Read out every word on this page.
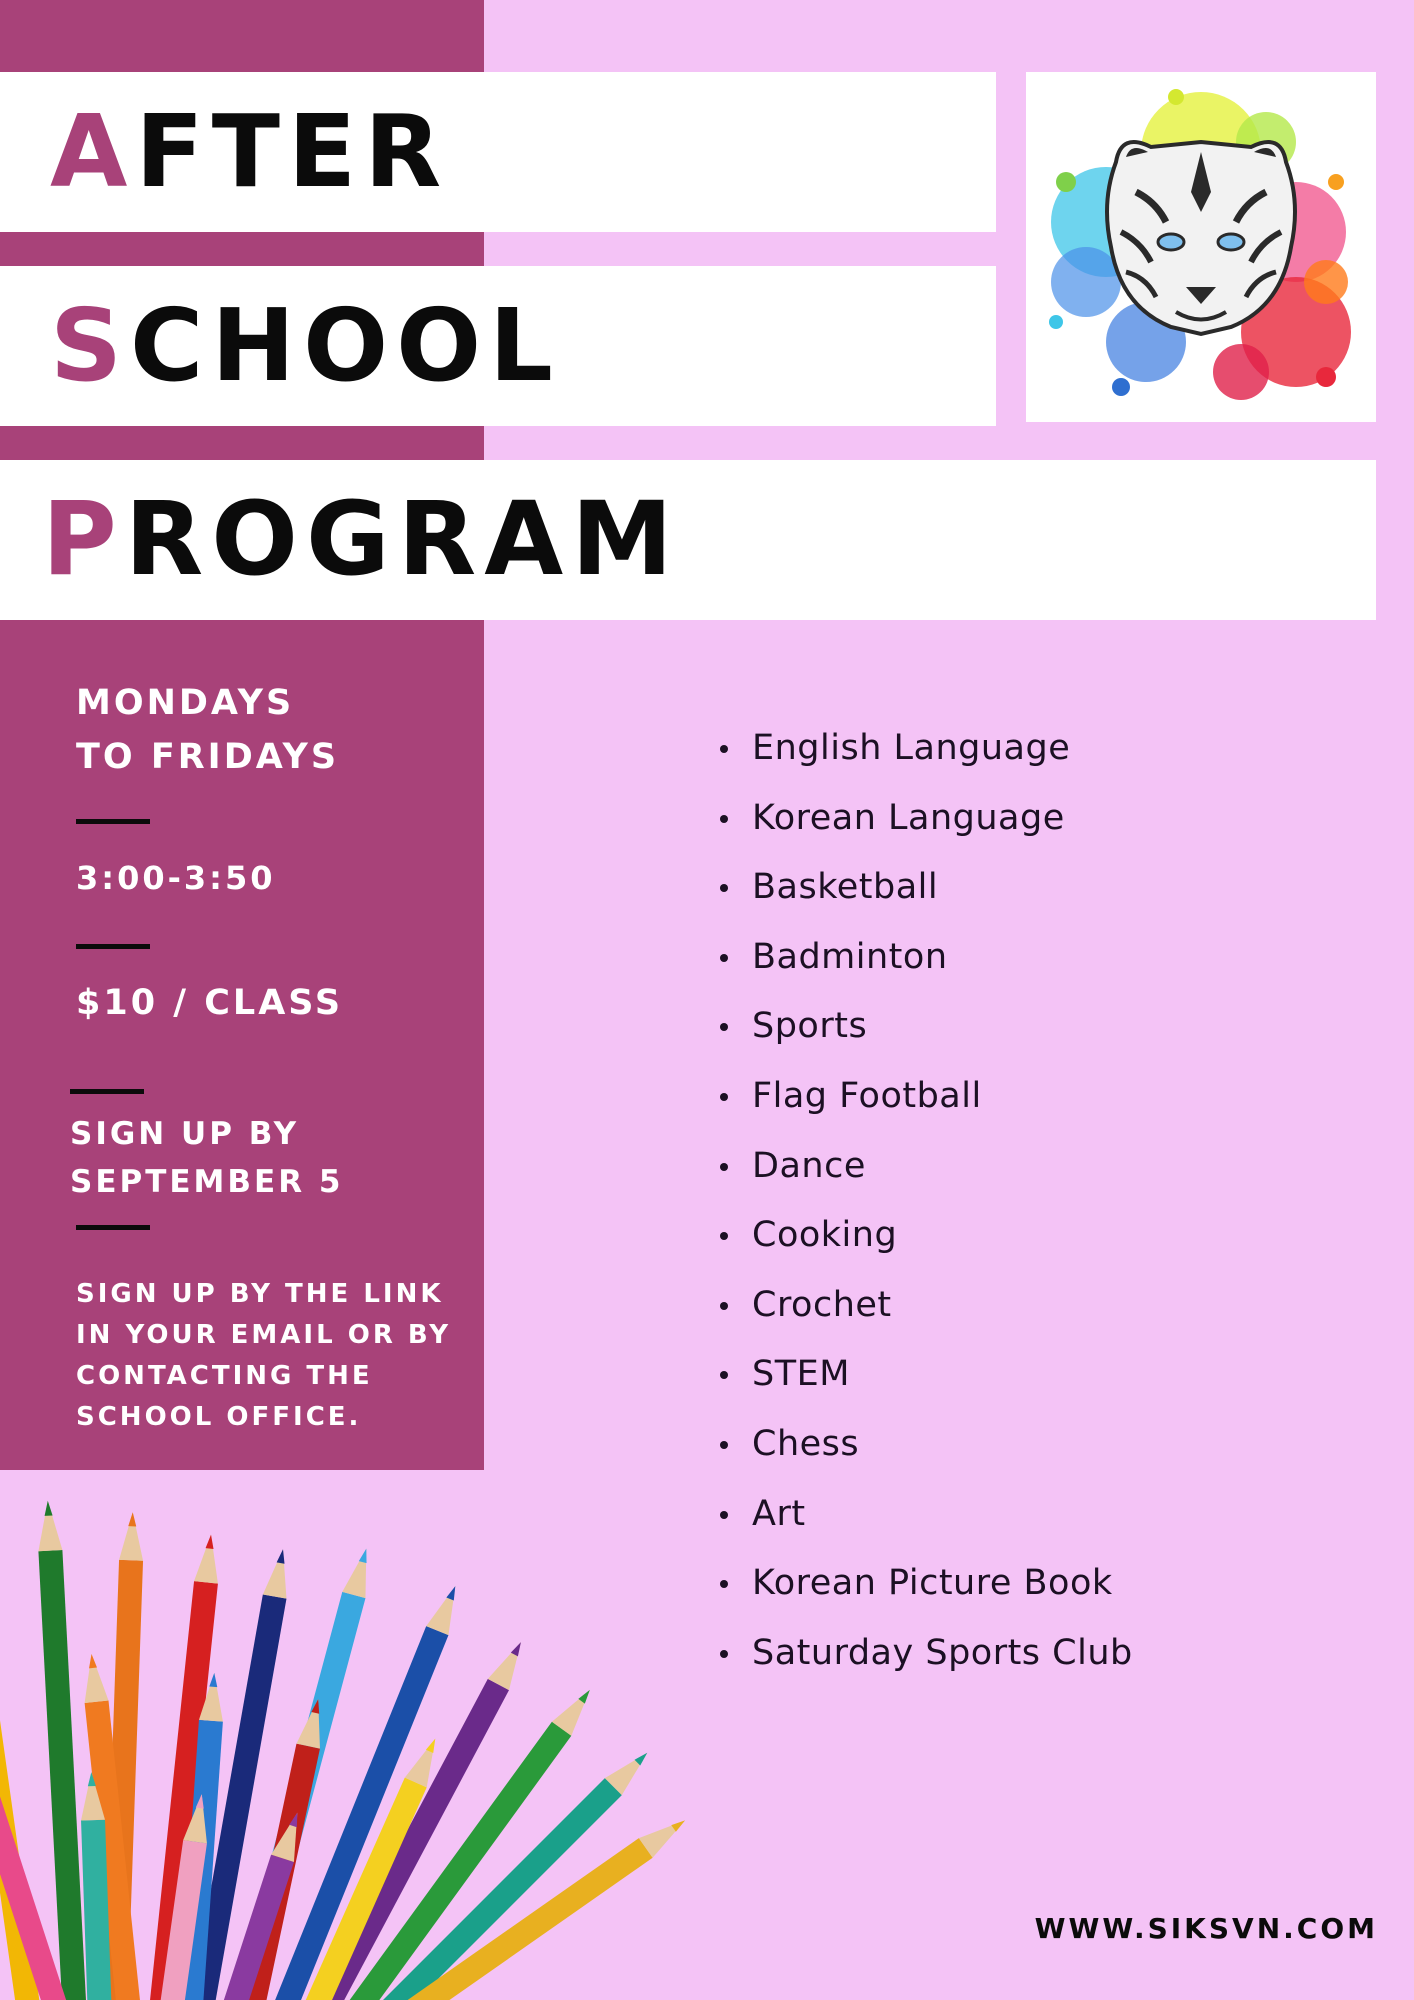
AFTER
SCHOOL
PROGRAM
MONDAYS
TO FRIDAYS
3:00-3:50
$10 / CLASS
SIGN UP BY
SEPTEMBER 5
SIGN UP BY THE LINK
IN YOUR EMAIL OR BY
CONTACTING THE
SCHOOL OFFICE.
English Language
Korean Language
Basketball
Badminton
Sports
Flag Football
Dance
Cooking
Crochet
STEM
Chess
Art
Korean Picture Book
Saturday Sports Club
WWW.SIKSVN.COM
